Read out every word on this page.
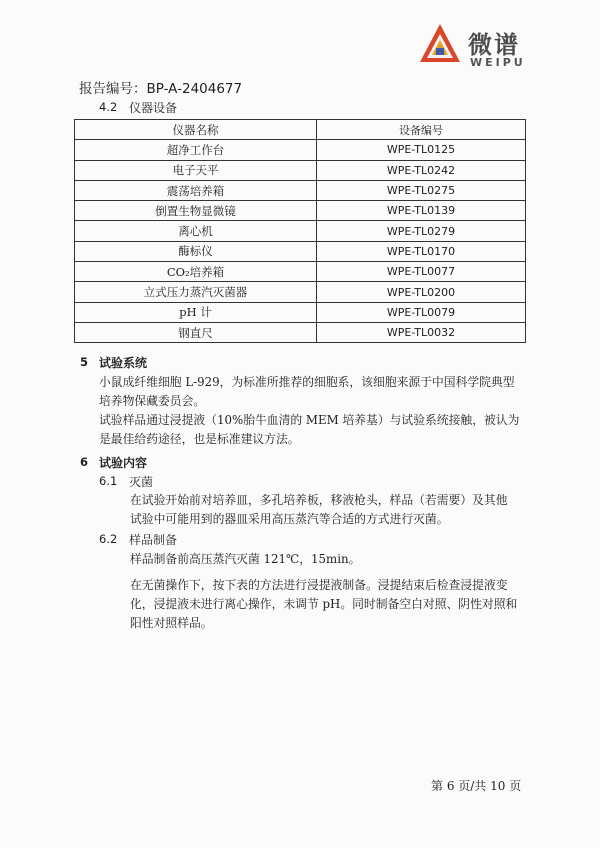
微谱
WEIPU
报告编号：BP-A-2404677
4.2 仪器设备
仪器名称	设备编号
超净工作台	WPE-TL0125
电子天平	WPE-TL0242
震荡培养箱	WPE-TL0275
倒置生物显微镜	WPE-TL0139
离心机	WPE-TL0279
酶标仪	WPE-TL0170
CO₂培养箱	WPE-TL0077
立式压力蒸汽灭菌器	WPE-TL0200
pH 计	WPE-TL0079
钢直尺	WPE-TL0032
5 试验系统
小鼠成纤维细胞 L-929，为标准所推荐的细胞系，该细胞来源于中国科学院典型
培养物保藏委员会。
试验样品通过浸提液（10%胎牛血清的 MEM 培养基）与试验系统接触，被认为
是最佳给药途径，也是标准建议方法。
6 试验内容
6.1 灭菌
在试验开始前对培养皿，多孔培养板，移液枪头，样品（若需要）及其他
试验中可能用到的器皿采用高压蒸汽等合适的方式进行灭菌。
6.2 样品制备
样品制备前高压蒸汽灭菌 121℃，15min。
在无菌操作下，按下表的方法进行浸提液制备。浸提结束后检查浸提液变
化，浸提液未进行离心操作，未调节 pH。同时制备空白对照、阴性对照和
阳性对照样品。
第 6 页/共 10 页
